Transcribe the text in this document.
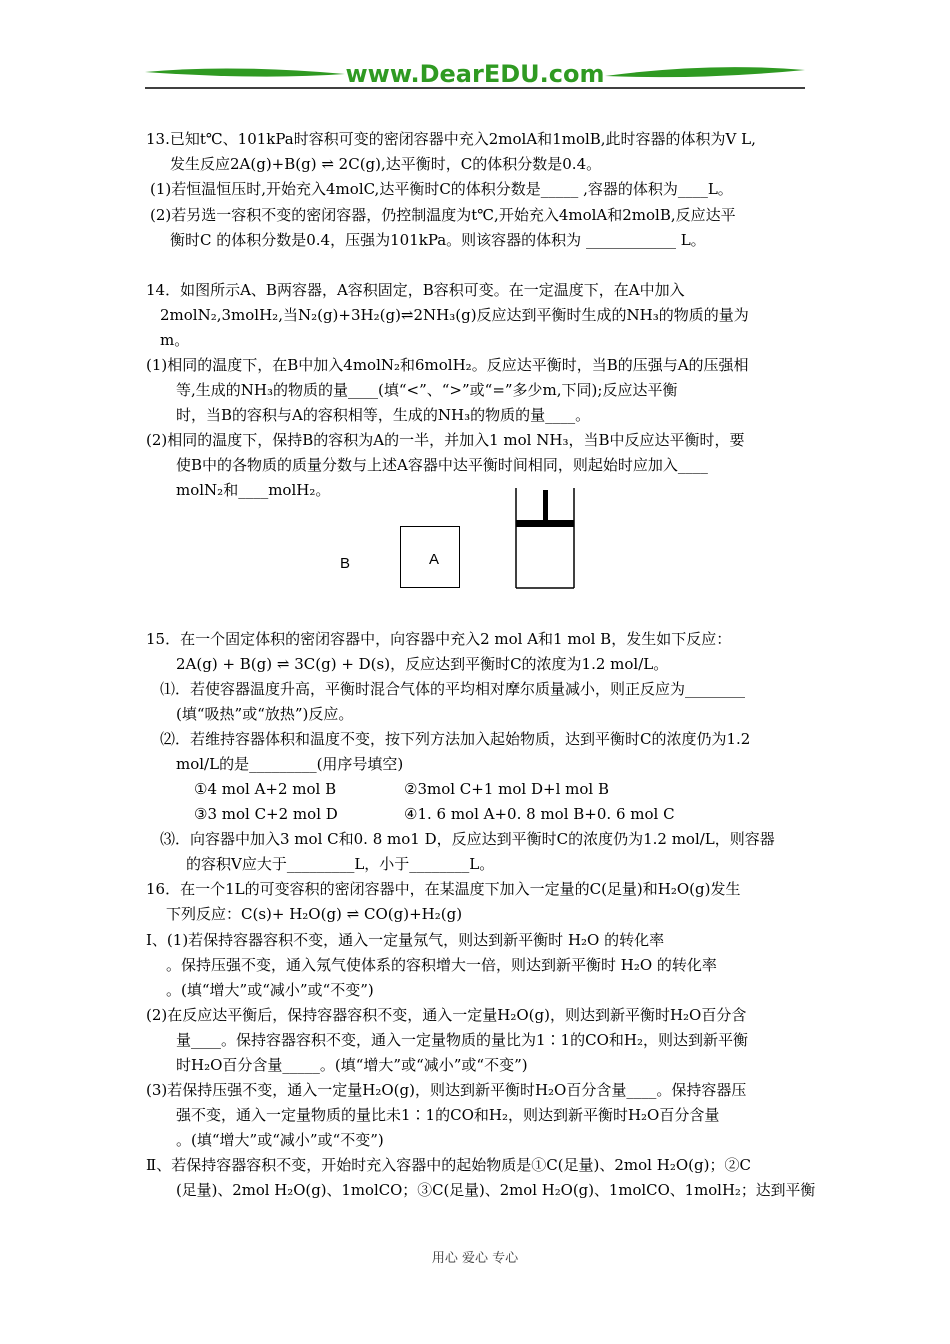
www.DearEDU.com
13.已知t℃、101kPa时容积可变的密闭容器中充入2molA和1molB,此时容器的体积为V L,
发生反应2A(g)+B(g) ⇌ 2C(g),达平衡时，C的体积分数是0.4。
(1)若恒温恒压时,开始充入4molC,达平衡时C的体积分数是_____ ,容器的体积为____L。
(2)若另选一容积不变的密闭容器，仍控制温度为t℃,开始充入4molA和2molB,反应达平
衡时C 的体积分数是0.4，压强为101kPa。则该容器的体积为 ____________ L。
14．如图所示A、B两容器，A容积固定，B容积可变。在一定温度下，在A中加入
2molN₂,3molH₂,当N₂(g)+3H₂(g)⇌2NH₃(g)反应达到平衡时生成的NH₃的物质的量为
m。
(1)相同的温度下，在B中加入4molN₂和6molH₂。反应达平衡时，当B的压强与A的压强相
等,生成的NH₃的物质的量____(填“<”、“>”或“=”多少m,下同);反应达平衡
时，当B的容积与A的容积相等，生成的NH₃的物质的量____。
(2)相同的温度下，保持B的容积为A的一半，并加入1 mol NH₃，当B中反应达平衡时，要
使B中的各物质的质量分数与上述A容器中达平衡时间相同，则起始时应加入____
molN₂和____molH₂。
B	A
15．在一个固定体积的密闭容器中，向容器中充入2 mol A和1 mol B，发生如下反应：
2A(g) + B(g) ⇌ 3C(g) + D(s)，反应达到平衡时C的浓度为1.2 mol/L。
⑴．若使容器温度升高，平衡时混合气体的平均相对摩尔质量减小，则正反应为________
(填“吸热”或“放热”)反应。
⑵．若维持容器体积和温度不变，按下列方法加入起始物质，达到平衡时C的浓度仍为1.2
mol/L的是_________(用序号填空)
①4 mol A+2 mol B	②3mol C+1 mol D+l mol B
③3 mol C+2 mol D	④1. 6 mol A+0. 8 mol B+0. 6 mol C
⑶．向容器中加入3 mol C和0. 8 mo1 D，反应达到平衡时C的浓度仍为1.2 mol/L，则容器
的容积V应大于_________L，小于________L。
16．在一个1L的可变容积的密闭容器中，在某温度下加入一定量的C(足量)和H₂O(g)发生
下列反应：C(s)+ H₂O(g) ⇌ CO(g)+H₂(g)
Ⅰ、(1)若保持容器容积不变，通入一定量氖气，则达到新平衡时 H₂O 的转化率
。保持压强不变，通入氖气使体系的容积增大一倍，则达到新平衡时 H₂O 的转化率
。(填“增大”或“减小”或“不变”)
(2)在反应达平衡后，保持容器容积不变，通入一定量H₂O(g)，则达到新平衡时H₂O百分含
量____。保持容器容积不变，通入一定量物质的量比为1∶1的CO和H₂，则达到新平衡
时H₂O百分含量_____。(填“增大”或“减小”或“不变”)
(3)若保持压强不变，通入一定量H₂O(g)，则达到新平衡时H₂O百分含量____。保持容器压
强不变，通入一定量物质的量比未1∶1的CO和H₂，则达到新平衡时H₂O百分含量
。(填“增大”或“减小”或“不变”)
Ⅱ、若保持容器容积不变，开始时充入容器中的起始物质是①C(足量)、2mol H₂O(g)；②C
(足量)、2mol H₂O(g)、1molCO；③C(足量)、2mol H₂O(g)、1molCO、1molH₂；达到平衡
用心 爱心 专心
